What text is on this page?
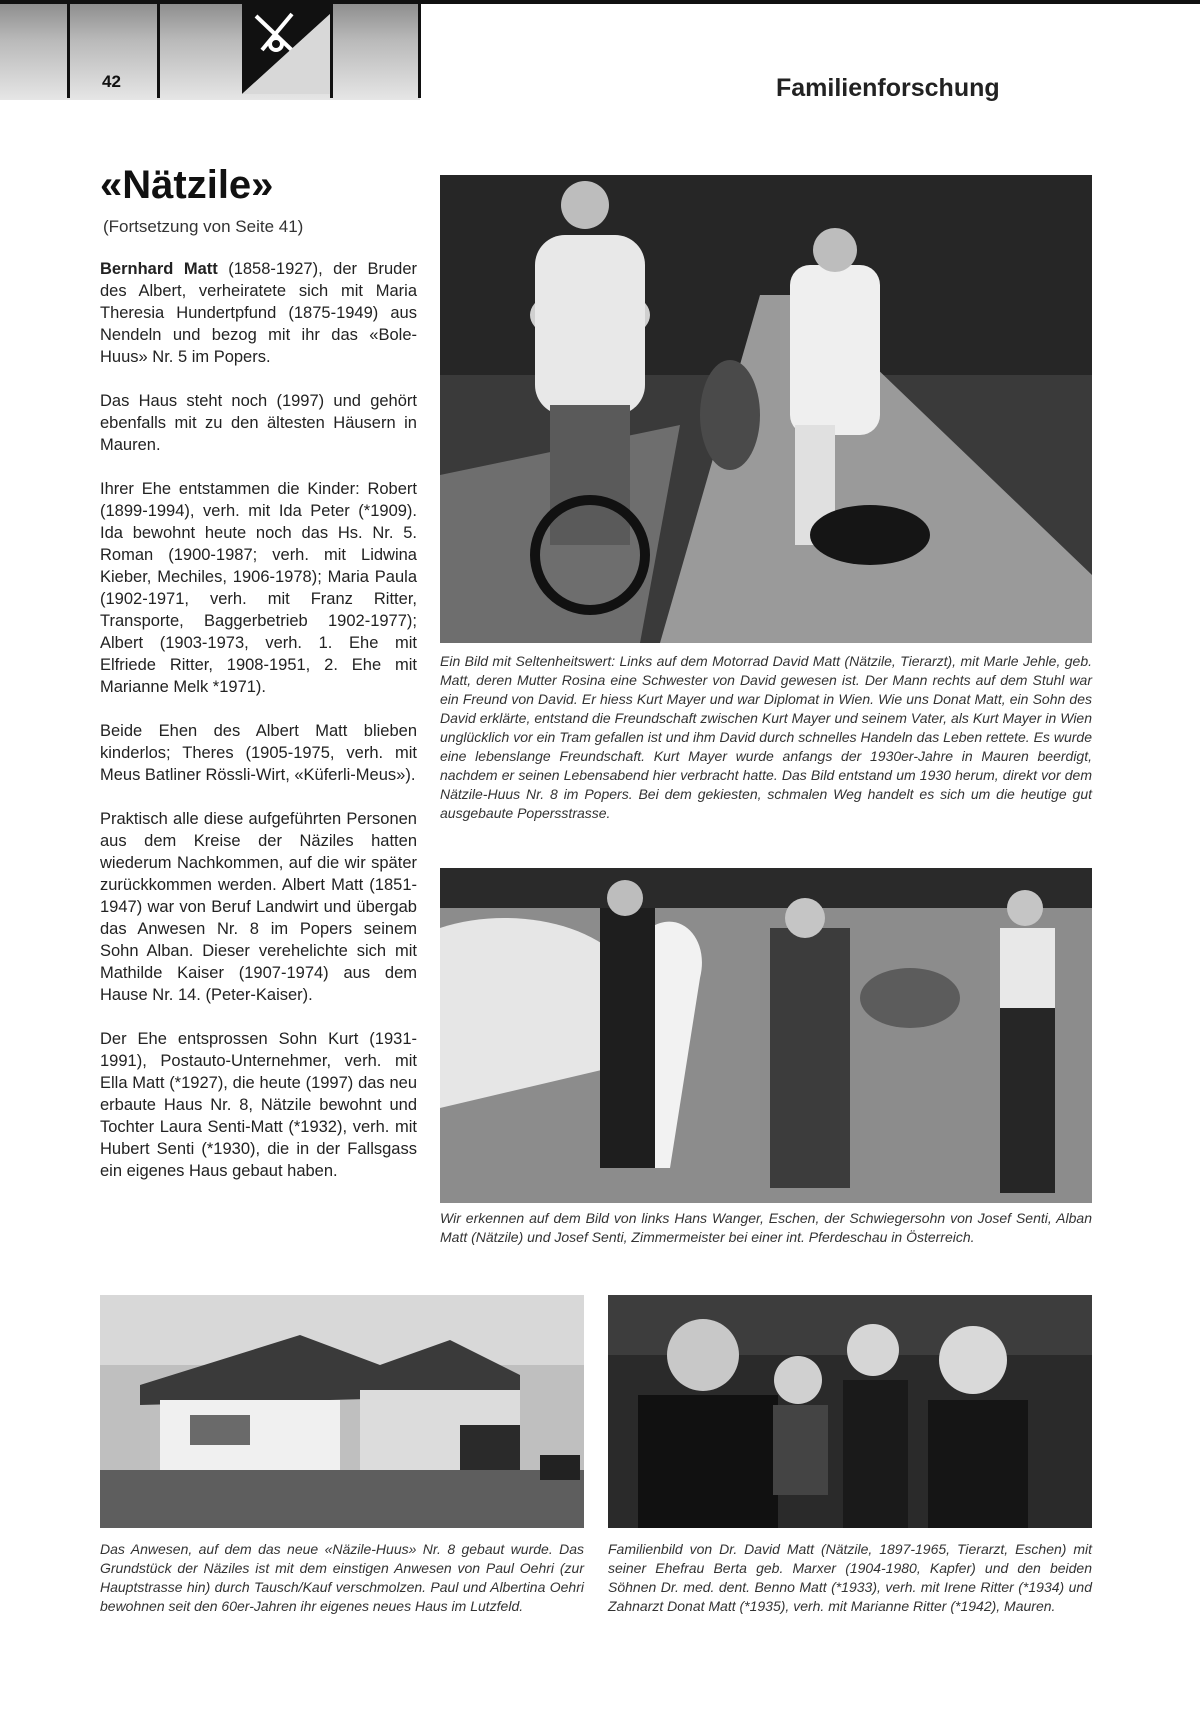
42	Familienforschung
«Nätzile»
(Fortsetzung von Seite 41)

Bernhard Matt (1858-1927), der Bruder des Albert, verheiratete sich mit Maria Theresia Hundertpfund (1875-1949) aus Nendeln und bezog mit ihr das «Bole-Huus» Nr. 5 im Popers.

Das Haus steht noch (1997) und gehört ebenfalls mit zu den ältesten Häusern in Mauren.

Ihrer Ehe entstammen die Kinder: Robert (1899-1994), verh. mit Ida Peter (*1909). Ida bewohnt heute noch das Hs. Nr. 5. Roman (1900-1987; verh. mit Lidwina Kieber, Mechiles, 1906-1978); Maria Paula (1902-1971, verh. mit Franz Ritter, Transporte, Baggerbetrieb 1902-1977); Albert (1903-1973, verh. 1. Ehe mit Elfriede Ritter, 1908-1951, 2. Ehe mit Marianne Melk *1971).

Beide Ehen des Albert Matt blieben kinderlos; Theres (1905-1975, verh. mit Meus Batliner Rössli-Wirt, «Küferli-Meus»).

Praktisch alle diese aufgeführten Personen aus dem Kreise der Näziles hatten wiederum Nachkommen, auf die wir später zurückkommen werden. Albert Matt (1851-1947) war von Beruf Landwirt und übergab das Anwesen Nr. 8 im Popers seinem Sohn Alban. Dieser verehelichte sich mit Mathilde Kaiser (1907-1974) aus dem Hause Nr. 14. (Peter-Kaiser).

Der Ehe entsprossen Sohn Kurt (1931-1991), Postauto-Unternehmer, verh. mit Ella Matt (*1927), die heute (1997) das neu erbaute Haus Nr. 8, Nätzile bewohnt und Tochter Laura Senti-Matt (*1932), verh. mit Hubert Senti (*1930), die in der Fallsgass ein eigenes Haus gebaut haben.

Ein Bild mit Seltenheitswert: Links auf dem Motorrad David Matt (Nätzile, Tierarzt), mit Marle Jehle, geb. Matt, deren Mutter Rosina eine Schwester von David gewesen ist. Der Mann rechts auf dem Stuhl war ein Freund von David. Er hiess Kurt Mayer und war Diplomat in Wien. Wie uns Donat Matt, ein Sohn des David erklärte, entstand die Freundschaft zwischen Kurt Mayer und seinem Vater, als Kurt Mayer in Wien unglücklich vor ein Tram gefallen ist und ihm David durch schnelles Handeln das Leben rettete. Es wurde eine lebenslange Freundschaft. Kurt Mayer wurde anfangs der 1930er-Jahre in Mauren beerdigt, nachdem er seinen Lebensabend hier verbracht hatte. Das Bild entstand um 1930 herum, direkt vor dem Nätzile-Huus Nr. 8 im Popers. Bei dem gekiesten, schmalen Weg handelt es sich um die heutige gut ausgebaute Popersstrasse.
Wir erkennen auf dem Bild von links Hans Wanger, Eschen, der Schwiegersohn von Josef Senti, Alban Matt (Nätzile) und Josef Senti, Zimmermeister bei einer int. Pferdeschau in Österreich.
Das Anwesen, auf dem das neue «Näzile-Huus» Nr. 8 gebaut wurde. Das Grundstück der Näziles ist mit dem einstigen Anwesen von Paul Oehri (zur Hauptstrasse hin) durch Tausch/Kauf verschmolzen. Paul und Albertina Oehri bewohnen seit den 60er-Jahren ihr eigenes neues Haus im Lutzfeld.
Familienbild von Dr. David Matt (Nätzile, 1897-1965, Tierarzt, Eschen) mit seiner Ehefrau Berta geb. Marxer (1904-1980, Kapfer) und den beiden Söhnen Dr. med. dent. Benno Matt (*1933), verh. mit Irene Ritter (*1934) und Zahnarzt Donat Matt (*1935), verh. mit Marianne Ritter (*1942), Mauren.
